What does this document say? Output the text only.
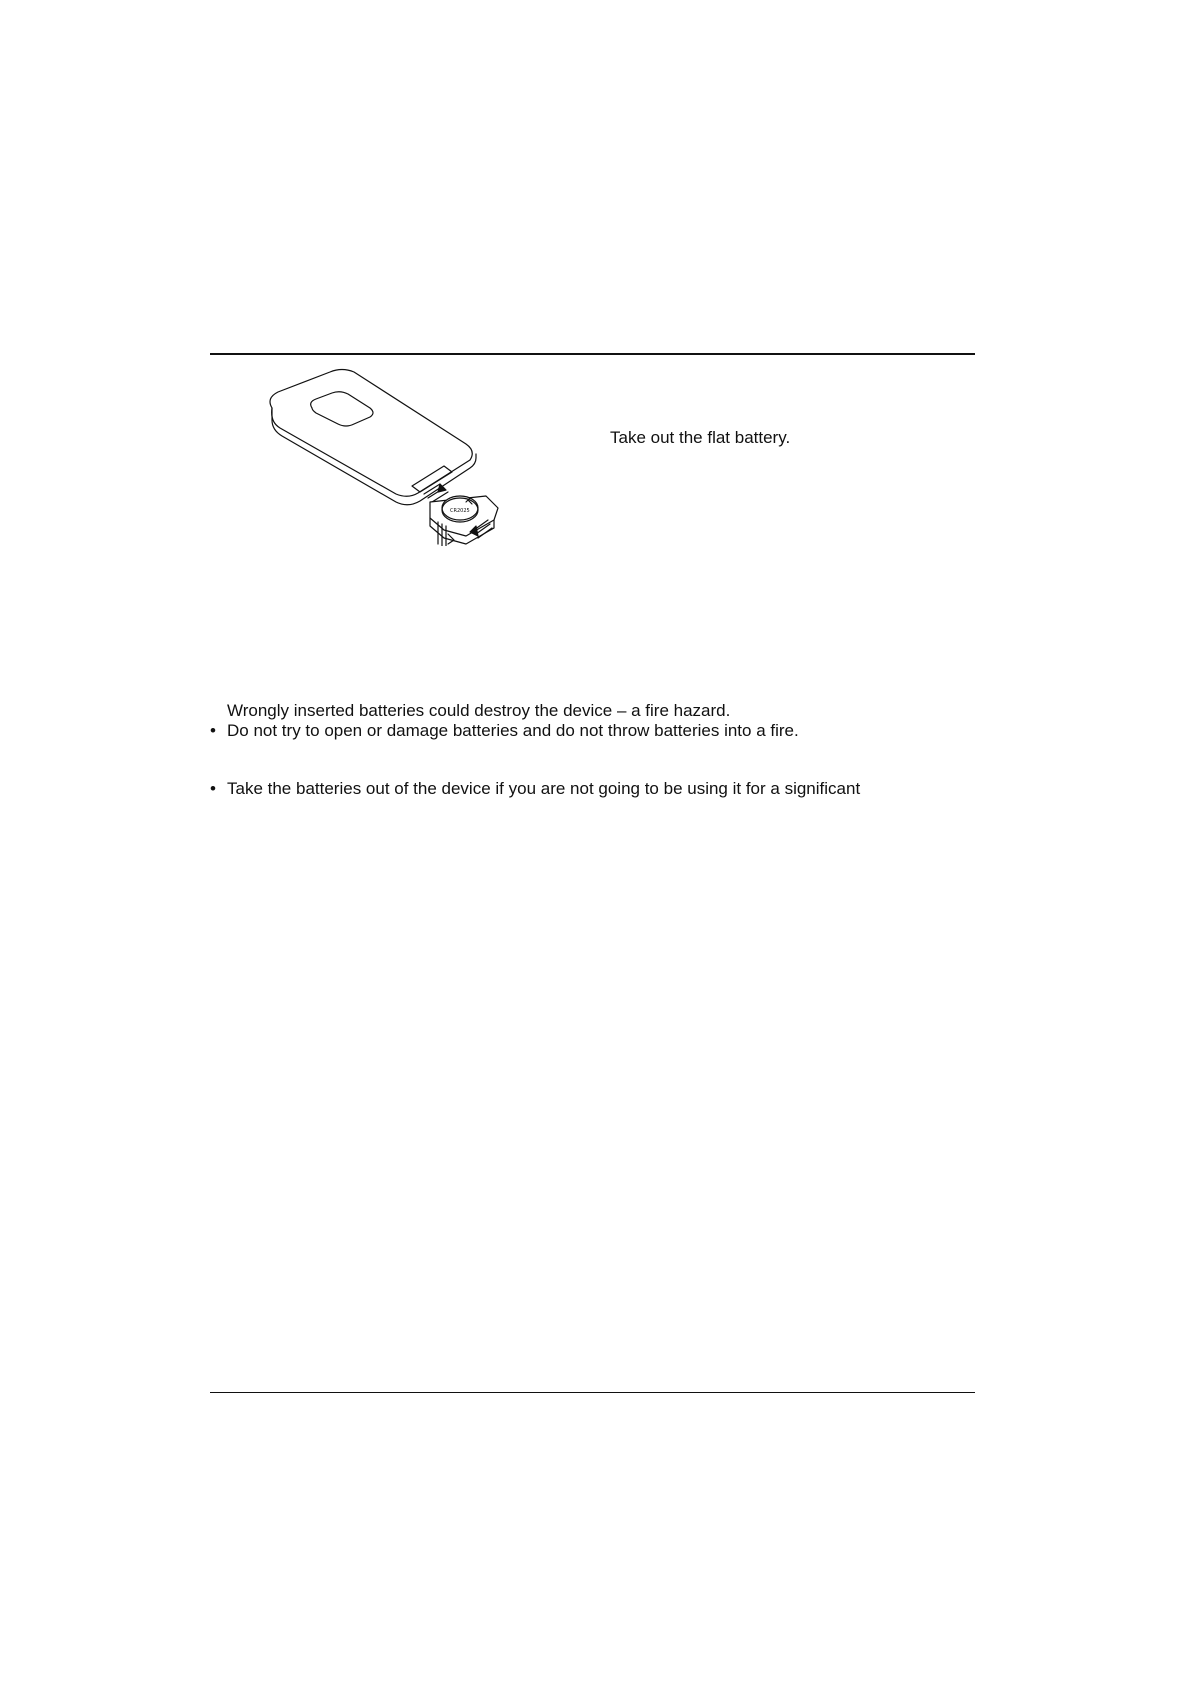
CR2025
Take out the flat battery.
Wrongly inserted batteries could destroy the device – a fire hazard.
• Do not try to open or damage batteries and do not throw batteries into a fire.
• Take the batteries out of the device if you are not going to be using it for a significant
